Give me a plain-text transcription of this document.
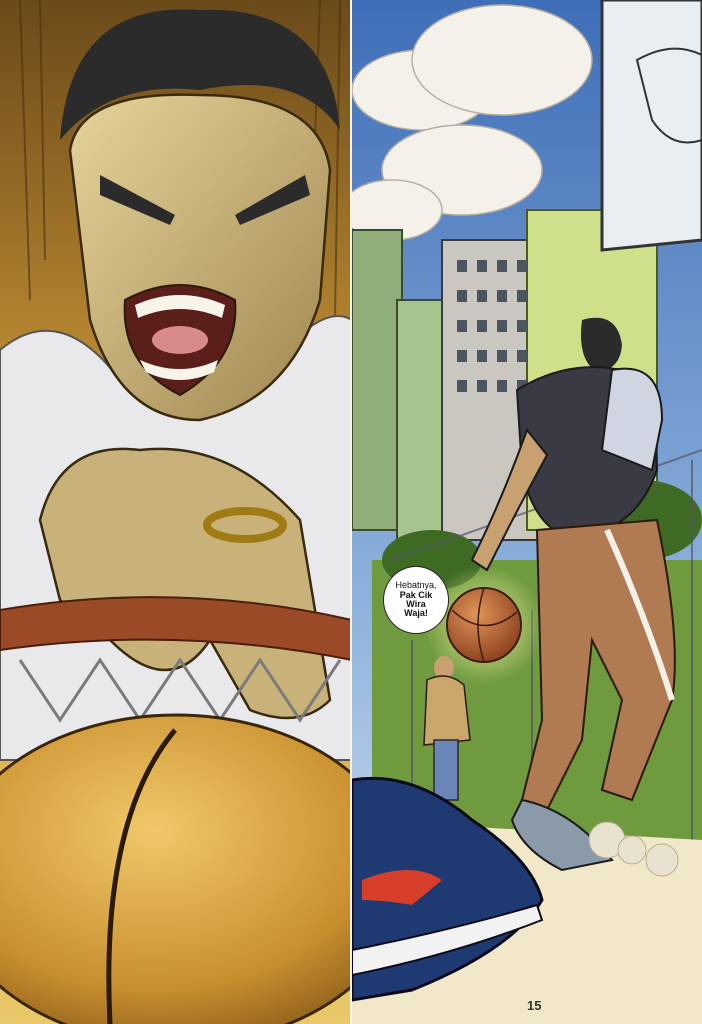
Hebatnya,
Pak Cik
Wira
Waja!
15
